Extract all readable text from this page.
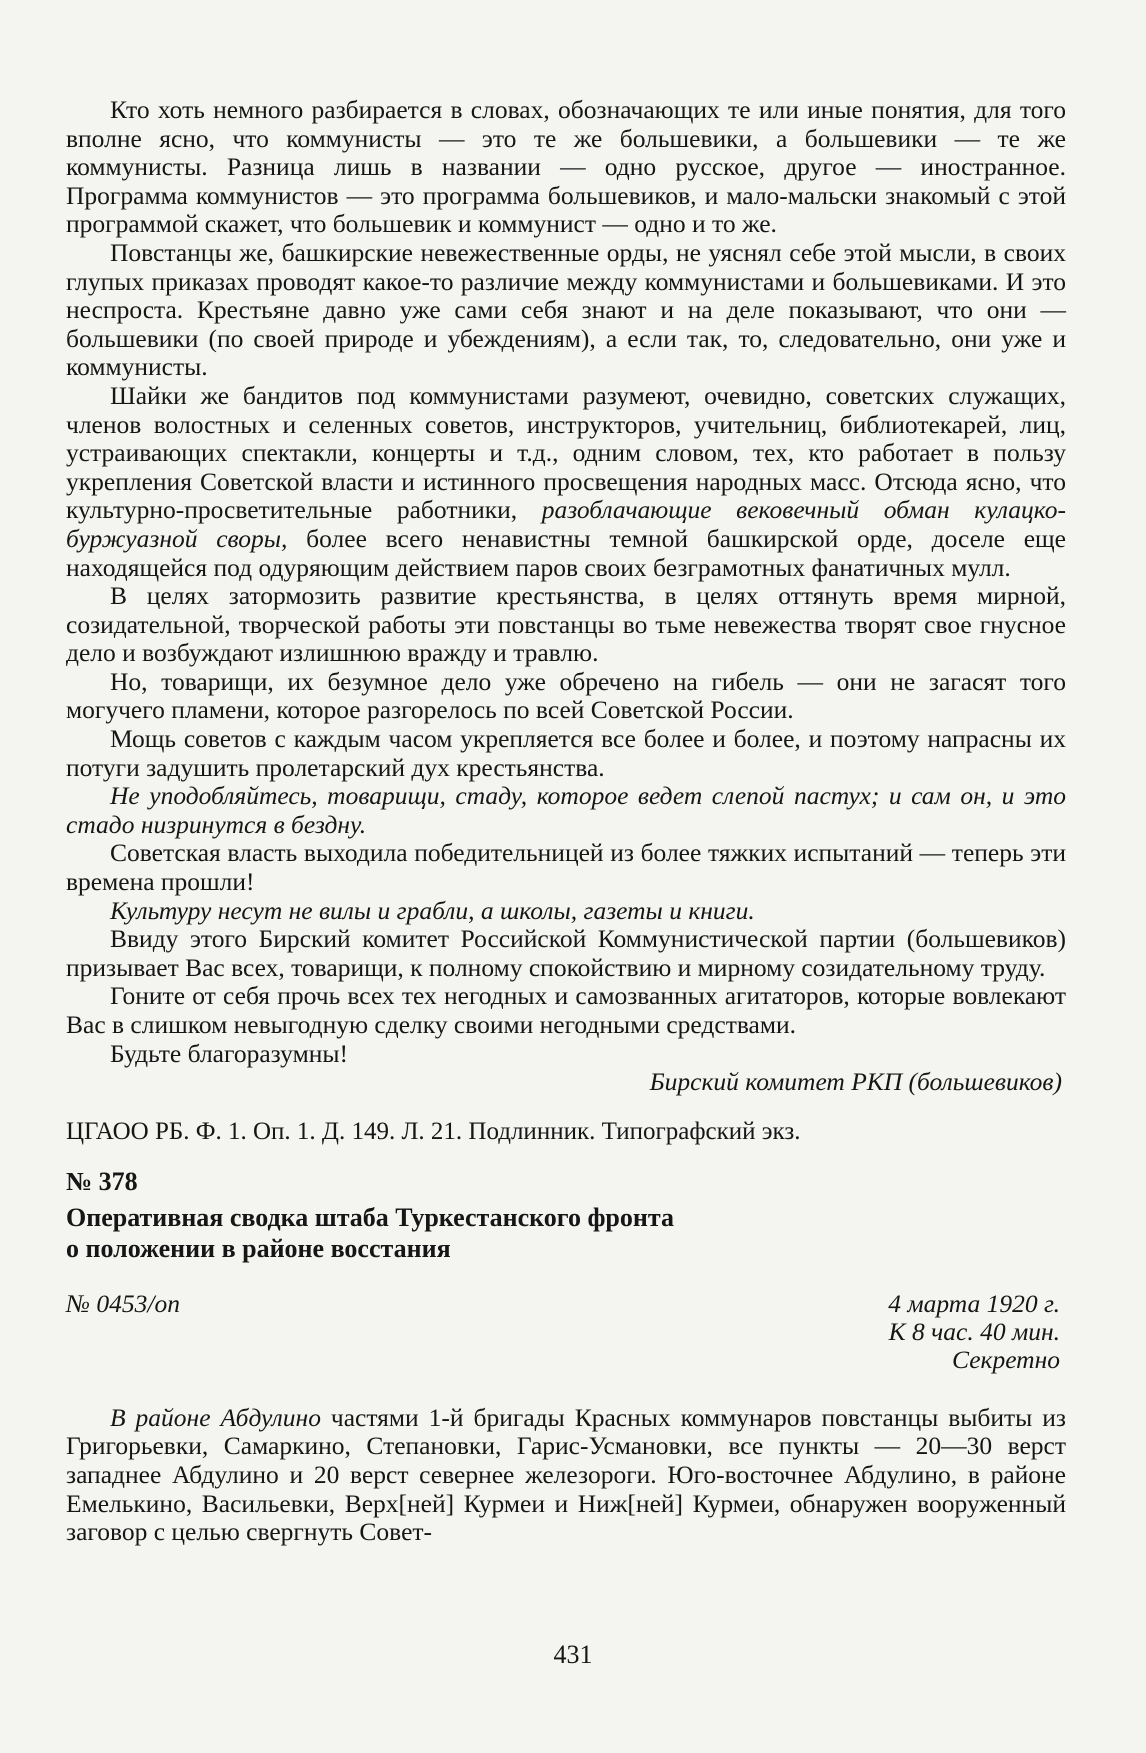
Кто хоть немного разбирается в словах, обозначающих те или иные понятия, для того вполне ясно, что коммунисты — это те же большевики, а большевики — те же коммунисты. Разница лишь в названии — одно русское, другое — иностранное. Программа коммунистов — это программа большевиков, и мало-мальски знакомый с этой программой скажет, что большевик и коммунист — одно и то же.

Повстанцы же, башкирские невежественные орды, не уяснял себе этой мысли, в своих глупых приказах проводят какое-то различие между коммунистами и большевиками. И это неспроста. Крестьяне давно уже сами себя знают и на деле показывают, что они — большевики (по своей природе и убеждениям), а если так, то, следовательно, они уже и коммунисты.

Шайки же бандитов под коммунистами разумеют, очевидно, советских служащих, членов волостных и селенных советов, инструкторов, учительниц, библиотекарей, лиц, устраивающих спектакли, концерты и т.д., одним словом, тех, кто работает в пользу укрепления Советской власти и истинного просвещения народных масс. Отсюда ясно, что культурно-просветительные работники, разоблачающие вековечный обман кулацко-буржуазной своры, более всего ненавистны темной башкирской орде, доселе еще находящейся под одуряющим действием паров своих безграмотных фанатичных мулл.

В целях затормозить развитие крестьянства, в целях оттянуть время мирной, созидательной, творческой работы эти повстанцы во тьме невежества творят свое гнусное дело и возбуждают излишнюю вражду и травлю.

Но, товарищи, их безумное дело уже обречено на гибель — они не загасят того могучего пламени, которое разгорелось по всей Советской России.

Мощь советов с каждым часом укрепляется все более и более, и поэтому напрасны их потуги задушить пролетарский дух крестьянства.

Не уподобляйтесь, товарищи, стаду, которое ведет слепой пастух; и сам он, и это стадо низринутся в бездну.

Советская власть выходила победительницей из более тяжких испытаний — теперь эти времена прошли!

Культуру несут не вилы и грабли, а школы, газеты и книги.

Ввиду этого Бирский комитет Российской Коммунистической партии (большевиков) призывает Вас всех, товарищи, к полному спокойствию и мирному созидательному труду.

Гоните от себя прочь всех тех негодных и самозванных агитаторов, которые вовлекают Вас в слишком невыгодную сделку своими негодными средствами.

Будьте благоразумны!

Бирский комитет РКП (большевиков)
ЦГАОО РБ. Ф. 1. Оп. 1. Д. 149. Л. 21. Подлинник. Типографский экз.
№ 378
Оперативная сводка штаба Туркестанского фронта
о положении в районе восстания
№ 0453/оп	4 марта 1920 г.
К 8 час. 40 мин.
Секретно

В районе Абдулино частями 1-й бригады Красных коммунаров повстанцы выбиты из Григорьевки, Самаркино, Степановки, Гарис-Усмановки, все пункты — 20—30 верст западнее Абдулино и 20 верст севернее железороги. Юго-восточнее Абдулино, в районе Емелькино, Васильевки, Верх[ней] Курмеи и Ниж[ней] Курмеи, обнаружен вооруженный заговор с целью свергнуть Совет-

431
